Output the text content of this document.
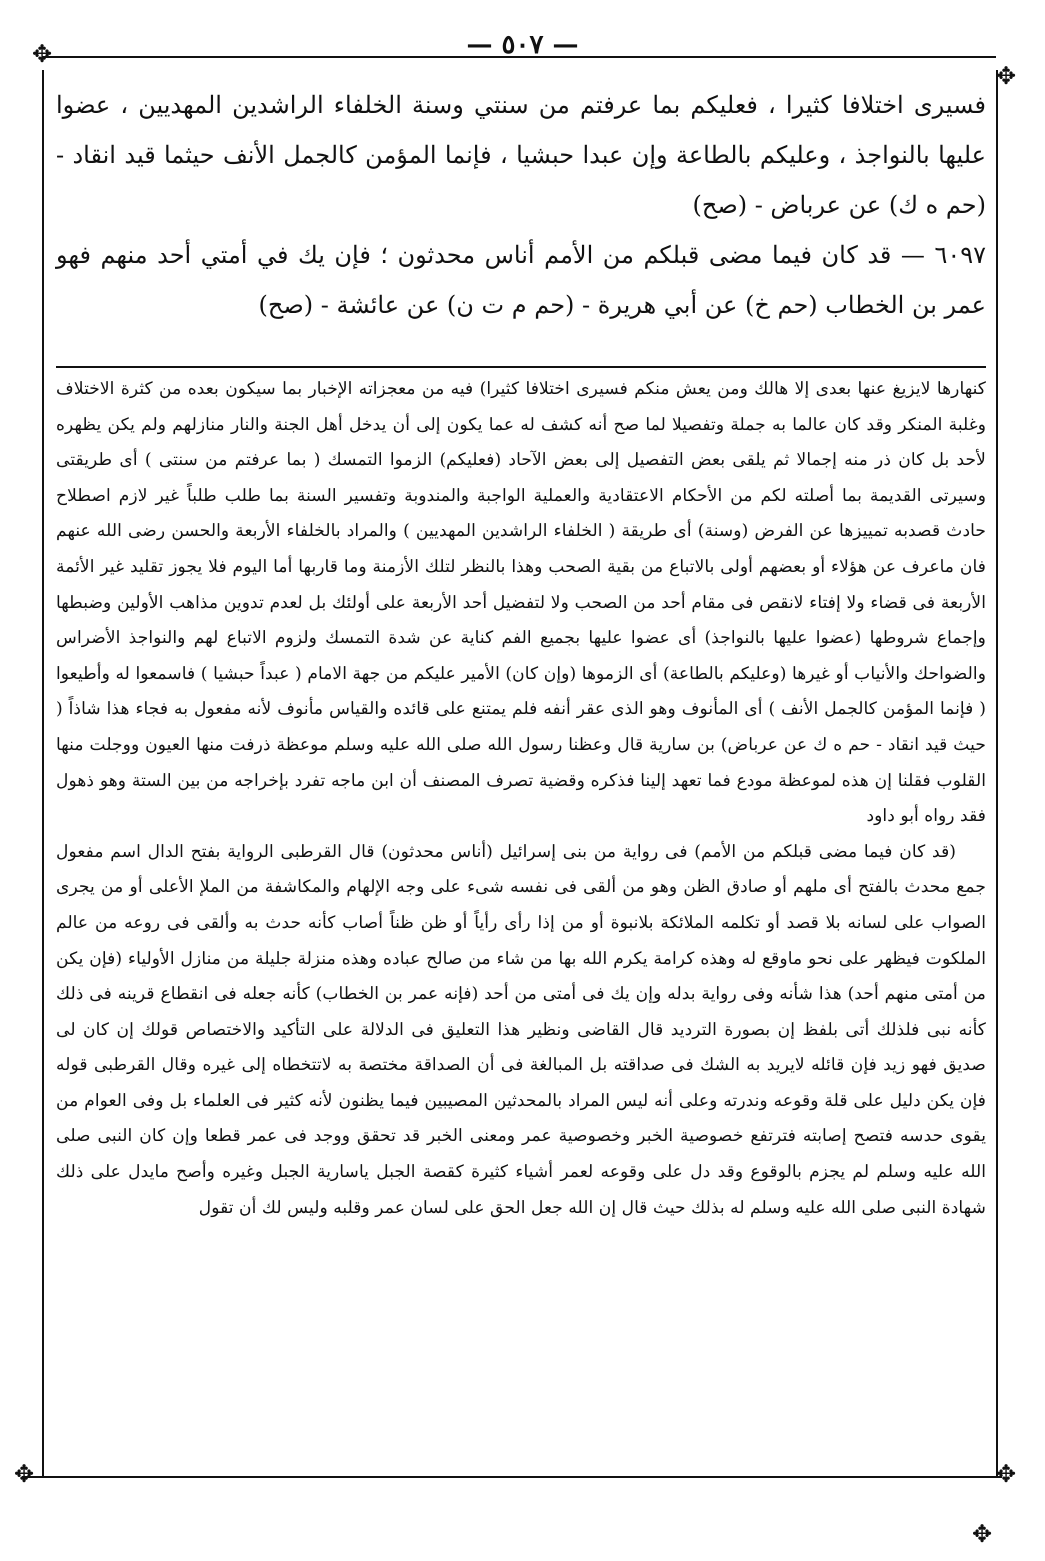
— ٥٠٧ —
✥
✥
✥	✥
✥

فسيرى اختلافا كثيرا ، فعليكم بما عرفتم من سنتي وسنة الخلفاء الراشدين المهديين ، عضوا عليها بالنواجذ ، وعليكم بالطاعة وإن عبدا حبشيا ، فإنما المؤمن كالجمل الأنف حيثما قيد انقاد - (حم ه ك) عن عرباض - (صح)

٦٠٩٧ — قد كان فيما مضى قبلكم من الأمم أناس محدثون ؛ فإن يك في أمتي أحد منهم فهو عمر بن الخطاب (حم خ) عن أبي هريرة - (حم م ت ن) عن عائشة - (صح)

كنهارها لايزيغ عنها بعدى إلا هالك ومن يعش منكم فسيرى اختلافا كثيرا) فيه من معجزاته الإخبار بما سيكون بعده من كثرة الاختلاف وغلبة المنكر وقد كان عالما به جملة وتفصيلا لما صح أنه كشف له عما يكون إلى أن يدخل أهل الجنة والنار منازلهم ولم يكن يظهره لأحد بل كان ذر منه إجمالا ثم يلقى بعض التفصيل إلى بعض الآحاد (فعليكم) الزموا التمسك ( بما عرفتم من سنتى ) أى طريقتى وسيرتى القديمة بما أصلته لكم من الأحكام الاعتقادية والعملية الواجبة والمندوبة وتفسير السنة بما طلب طلباً غير لازم اصطلاح حادث قصدبه تمييزها عن الفرض (وسنة) أى طريقة ( الخلفاء الراشدين المهديين ) والمراد بالخلفاء الأربعة والحسن رضى الله عنهم فان ماعرف عن هؤلاء أو بعضهم أولى بالاتباع من بقية الصحب وهذا بالنظر لتلك الأزمنة وما قاربها أما اليوم فلا يجوز تقليد غير الأئمة الأربعة فى قضاء ولا إفتاء لانقص فى مقام أحد من الصحب ولا لتفضيل أحد الأربعة على أولئك بل لعدم تدوين مذاهب الأولين وضبطها وإجماع شروطها (عضوا عليها بالنواجذ) أى عضوا عليها بجميع الفم كناية عن شدة التمسك ولزوم الاتباع لهم والنواجذ الأضراس والضواحك والأنياب أو غيرها (وعليكم بالطاعة) أى الزموها (وإن كان) الأمير عليكم من جهة الامام ( عبداً حبشيا ) فاسمعوا له وأطيعوا ( فإنما المؤمن كالجمل الأنف ) أى المأنوف وهو الذى عقر أنفه فلم يمتنع على قائده والقياس مأنوف لأنه مفعول به فجاء هذا شاذاً ( حيث قيد انقاد - حم ه ك عن عرباض) بن سارية قال وعظنا رسول الله صلى الله عليه وسلم موعظة ذرفت منها العيون ووجلت منها القلوب فقلنا إن هذه لموعظة مودع فما تعهد إلينا فذكره وقضية تصرف المصنف أن ابن ماجه تفرد بإخراجه من بين الستة وهو ذهول فقد رواه أبو داود

(قد كان فيما مضى قبلكم من الأمم) فى رواية من بنى إسرائيل (أناس محدثون) قال القرطبى الرواية بفتح الدال اسم مفعول جمع محدث بالفتح أى ملهم أو صادق الظن وهو من ألقى فى نفسه شىء على وجه الإلهام والمكاشفة من الملإ الأعلى أو من يجرى الصواب على لسانه بلا قصد أو تكلمه الملائكة بلانبوة أو من إذا رأى رأياً أو ظن ظناً أصاب كأنه حدث به وألقى فى روعه من عالم الملكوت فيظهر على نحو ماوقع له وهذه كرامة يكرم الله بها من شاء من صالح عباده وهذه منزلة جليلة من منازل الأولياء (فإن يكن من أمتى منهم أحد) هذا شأنه وفى رواية بدله وإن يك فى أمتى من أحد (فإنه عمر بن الخطاب) كأنه جعله فى انقطاع قرينه فى ذلك كأنه نبى فلذلك أتى بلفظ إن بصورة الترديد قال القاضى ونظير هذا التعليق فى الدلالة على التأكيد والاختصاص قولك إن كان لى صديق فهو زيد فإن قائله لايريد به الشك فى صداقته بل المبالغة فى أن الصداقة مختصة به لاتتخطاه إلى غيره وقال القرطبى قوله فإن يكن دليل على قلة وقوعه وندرته وعلى أنه ليس المراد بالمحدثين المصيبين فيما يظنون لأنه كثير فى العلماء بل وفى العوام من يقوى حدسه فتصح إصابته فترتفع خصوصية الخبر وخصوصية عمر ومعنى الخبر قد تحقق ووجد فى عمر قطعا وإن كان النبى صلى الله عليه وسلم لم يجزم بالوقوع وقد دل على وقوعه لعمر أشياء كثيرة كقصة الجبل ياسارية الجبل وغيره وأصح مايدل على ذلك شهادة النبى صلى الله عليه وسلم له بذلك حيث قال إن الله جعل الحق على لسان عمر وقلبه وليس لك أن تقول
